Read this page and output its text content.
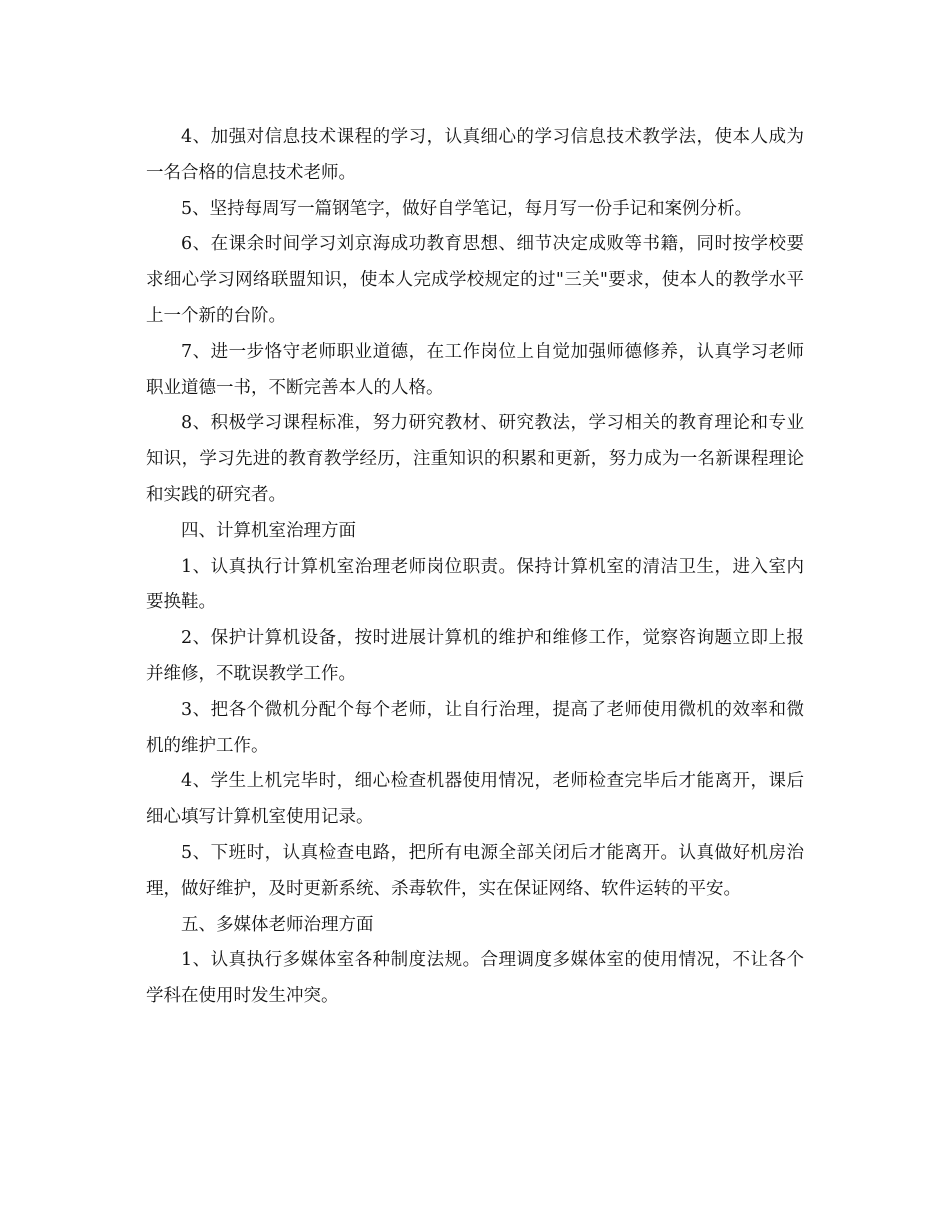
4、加强对信息技术课程的学习，认真细心的学习信息技术教学法，使本人成为一名合格的信息技术老师。

5、坚持每周写一篇钢笔字，做好自学笔记，每月写一份手记和案例分析。

6、在课余时间学习刘京海成功教育思想、细节决定成败等书籍，同时按学校要求细心学习网络联盟知识，使本人完成学校规定的过"三关"要求，使本人的教学水平上一个新的台阶。

7、进一步恪守老师职业道德，在工作岗位上自觉加强师德修养，认真学习老师职业道德一书，不断完善本人的人格。

8、积极学习课程标准，努力研究教材、研究教法，学习相关的教育理论和专业知识，学习先进的教育教学经历，注重知识的积累和更新，努力成为一名新课程理论和实践的研究者。

四、计算机室治理方面

1、认真执行计算机室治理老师岗位职责。保持计算机室的清洁卫生，进入室内要换鞋。

2、保护计算机设备，按时进展计算机的维护和维修工作，觉察咨询题立即上报并维修，不耽误教学工作。

3、把各个微机分配个每个老师，让自行治理，提高了老师使用微机的效率和微机的维护工作。

4、学生上机完毕时，细心检查机器使用情况，老师检查完毕后才能离开，课后细心填写计算机室使用记录。

5、下班时，认真检查电路，把所有电源全部关闭后才能离开。认真做好机房治理，做好维护，及时更新系统、杀毒软件，实在保证网络、软件运转的平安。

五、多媒体老师治理方面

1、认真执行多媒体室各种制度法规。合理调度多媒体室的使用情况，不让各个学科在使用时发生冲突。
